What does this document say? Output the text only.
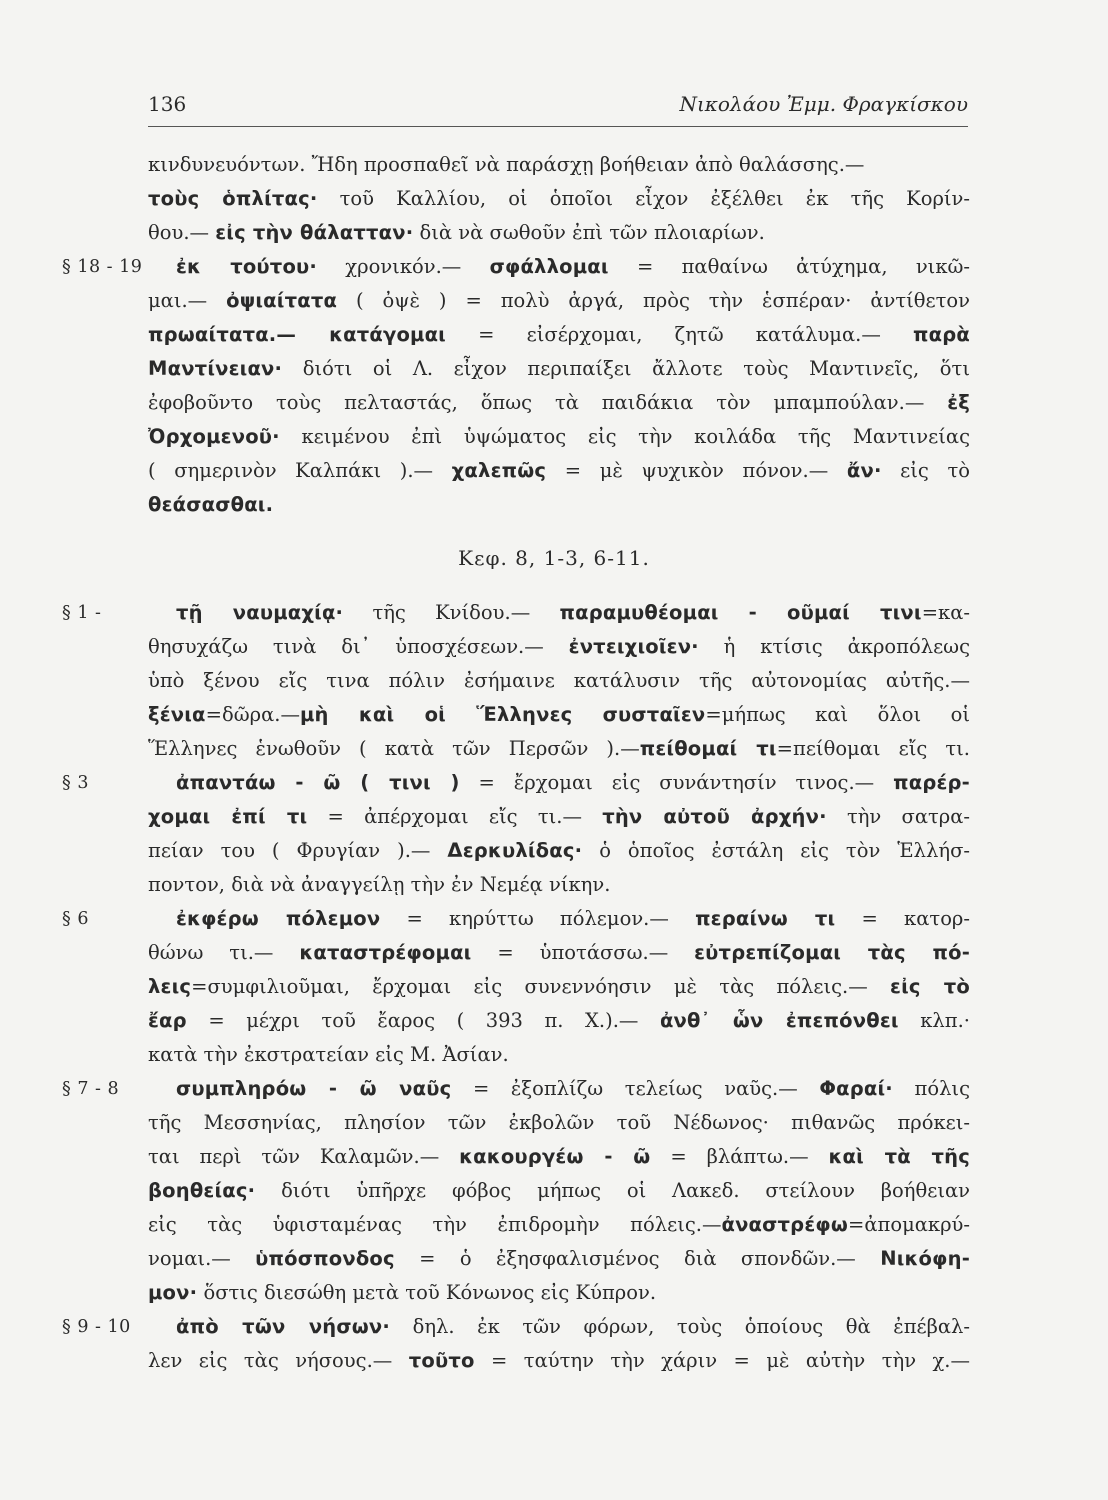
136	Νικολάου Ἐμμ. Φραγκίσκου
κινδυνευόντων. Ἤδη προσπαθεῖ νὰ παράσχῃ βοήθειαν ἀπὸ θαλάσσης.—
τοὺς ὁπλίτας· τοῦ Καλλίου, οἱ ὁποῖοι εἶχον ἐξέλθει ἐκ τῆς Κορίν-
θου.— εἰς τὴν θάλατταν· διὰ νὰ σωθοῦν ἐπὶ τῶν πλοιαρίων.
§ 18 - 19	ἐκ τούτου· χρονικόν.— σφάλλομαι = παθαίνω ἀτύχημα, νικῶ-
μαι.— ὀψιαίτατα ( ὀψὲ ) = πολὺ ἀργά, πρὸς τὴν ἑσπέραν· ἀντίθετον
πρωαίτατα.— κατάγομαι = εἰσέρχομαι, ζητῶ κατάλυμα.— παρὰ
Μαντίνειαν· διότι οἱ Λ. εἶχον περιπαίξει ἄλλοτε τοὺς Μαντινεῖς, ὅτι
ἐφοβοῦντο τοὺς πελταστάς, ὅπως τὰ παιδάκια τὸν μπαμπούλαν.— ἐξ
Ὀρχομενοῦ· κειμένου ἐπὶ ὑψώματος εἰς τὴν κοιλάδα τῆς Μαντινείας
( σημερινὸν Καλπάκι ).— χαλεπῶς = μὲ ψυχικὸν πόνον.— ἄν· εἰς τὸ
θεάσασθαι.
§ 1 -	τῇ ναυμαχίᾳ· τῆς Κνίδου.— παραμυθέομαι - οῦμαί τινι=κα-
θησυχάζω τινὰ δι᾽ ὑποσχέσεων.— ἐντειχιοῖεν· ἡ κτίσις ἀκροπόλεως
ὑπὸ ξένου εἴς τινα πόλιν ἐσήμαινε κατάλυσιν τῆς αὐτονομίας αὐτῆς.—
ξένια=δῶρα.—μὴ καὶ οἱ Ἕλληνες συσταῖεν=μήπως καὶ ὅλοι οἱ
Ἕλληνες ἑνωθοῦν ( κατὰ τῶν Περσῶν ).—πείθομαί τι=πείθομαι εἴς τι.
§ 3	ἀπαντάω - ῶ ( τινι ) = ἔρχομαι εἰς συνάντησίν τινος.— παρέρ-
χομαι ἐπί τι = ἀπέρχομαι εἴς τι.— τὴν αὐτοῦ ἀρχήν· τὴν σατρα-
πείαν του ( Φρυγίαν ).— Δερκυλίδας· ὁ ὁποῖος ἐστάλη εἰς τὸν Ἑλλήσ-
ποντον, διὰ νὰ ἀναγγείλῃ τὴν ἐν Νεμέᾳ νίκην.
§ 6	ἐκφέρω πόλεμον = κηρύττω πόλεμον.— περαίνω τι = κατορ-
θώνω τι.— καταστρέφομαι = ὑποτάσσω.— εὐτρεπίζομαι τὰς πό-
λεις=συμφιλιοῦμαι, ἔρχομαι εἰς συνεννόησιν μὲ τὰς πόλεις.— εἰς τὸ
ἔαρ = μέχρι τοῦ ἔαρος ( 393 π. Χ.).— ἀνθ᾽ ὧν ἐπεπόνθει κλπ.·
κατὰ τὴν ἐκστρατείαν εἰς Μ. Ἀσίαν.
§ 7 - 8	συμπληρόω - ῶ ναῦς = ἐξοπλίζω τελείως ναῦς.— Φαραί· πόλις
τῆς Μεσσηνίας, πλησίον τῶν ἐκβολῶν τοῦ Νέδωνος· πιθανῶς πρόκει-
ται περὶ τῶν Καλαμῶν.— κακουργέω - ῶ = βλάπτω.— καὶ τὰ τῆς
βοηθείας· διότι ὑπῆρχε φόβος μήπως οἱ Λακεδ. στείλουν βοήθειαν
εἰς τὰς ὑφισταμένας τὴν ἐπιδρομὴν πόλεις.—ἀναστρέφω=ἀπομακρύ-
νομαι.— ὑπόσπονδος = ὁ ἐξησφαλισμένος διὰ σπονδῶν.— Νικόφη-
μον· ὅστις διεσώθη μετὰ τοῦ Κόνωνος εἰς Κύπρον.
§ 9 - 10	ἀπὸ τῶν νήσων· δηλ. ἐκ τῶν φόρων, τοὺς ὁποίους θὰ ἐπέβαλ-
λεν εἰς τὰς νήσους.— τοῦτο = ταύτην τὴν χάριν = μὲ αὐτὴν τὴν χ.—
Κεφ. 8, 1-3, 6-11.
